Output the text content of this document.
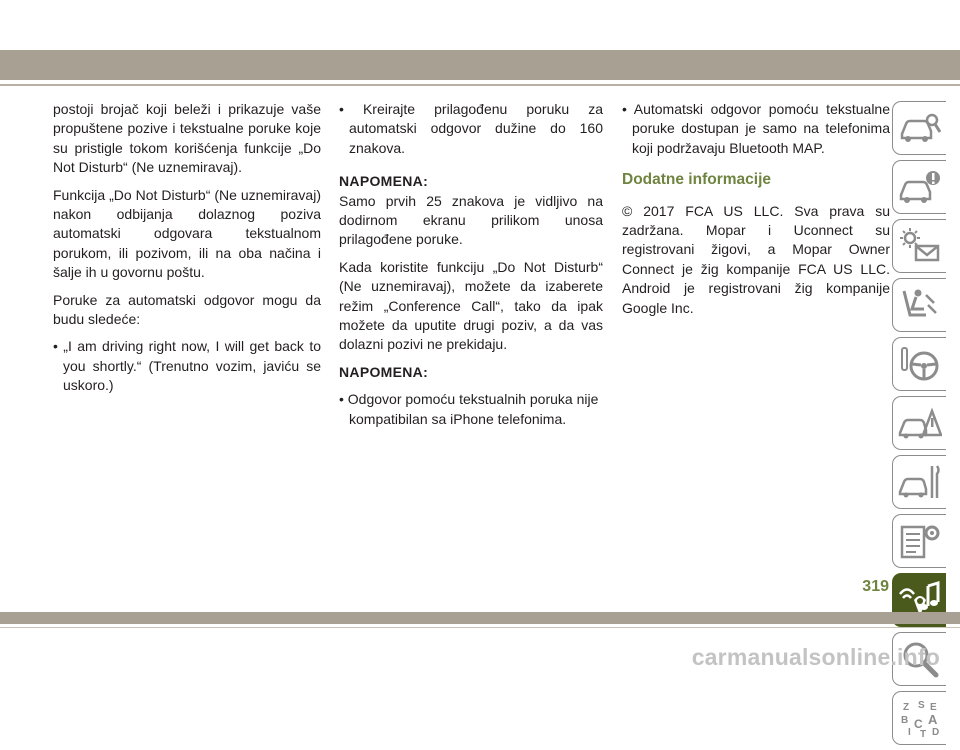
postoji brojač koji beleži i prikazuje vaše propuštene pozive i tekstualne poruke koje su pristigle tokom korišćenja funkcije „Do Not Disturb“ (Ne uznemiravaj).

Funkcija „Do Not Disturb“ (Ne uznemiravaj) nakon odbijanja dolaznog poziva automatski odgovara tekstualnom porukom, ili pozivom, ili na oba načina i šalje ih u govornu poštu.

Poruke za automatski odgovor mogu da budu sledeće:

• „I am driving right now, I will get back to you shortly.“ (Trenutno vozim, javiću se uskoro.)

• Kreirajte prilagođenu poruku za automatski odgovor dužine do 160 znakova.

NAPOMENA:

Samo prvih 25 znakova je vidljivo na dodirnom ekranu prilikom unosa prilagođene poruke.

Kada koristite funkciju „Do Not Disturb“ (Ne uznemiravaj), možete da izaberete režim „Conference Call“, tako da ipak možete da uputite drugi poziv, a da vas dolazni pozivi ne prekidaju.

NAPOMENA:

• Odgovor pomoću tekstualnih poruka nije kompatibilan sa iPhone telefonima.

• Automatski odgovor pomoću tekstualne poruke dostupan je samo na telefonima koji podržavaju Bluetooth MAP.

Dodatne informacije

© 2017 FCA US LLC. Sva prava su zadržana. Mopar i Uconnect su registrovani žigovi, a Mopar Owner Connect je žig kompanije FCA US LLC. Android je registrovani žig kompanije Google Inc.

Z S E
B A
I
C
D
T
319
carmanualsonline.info
